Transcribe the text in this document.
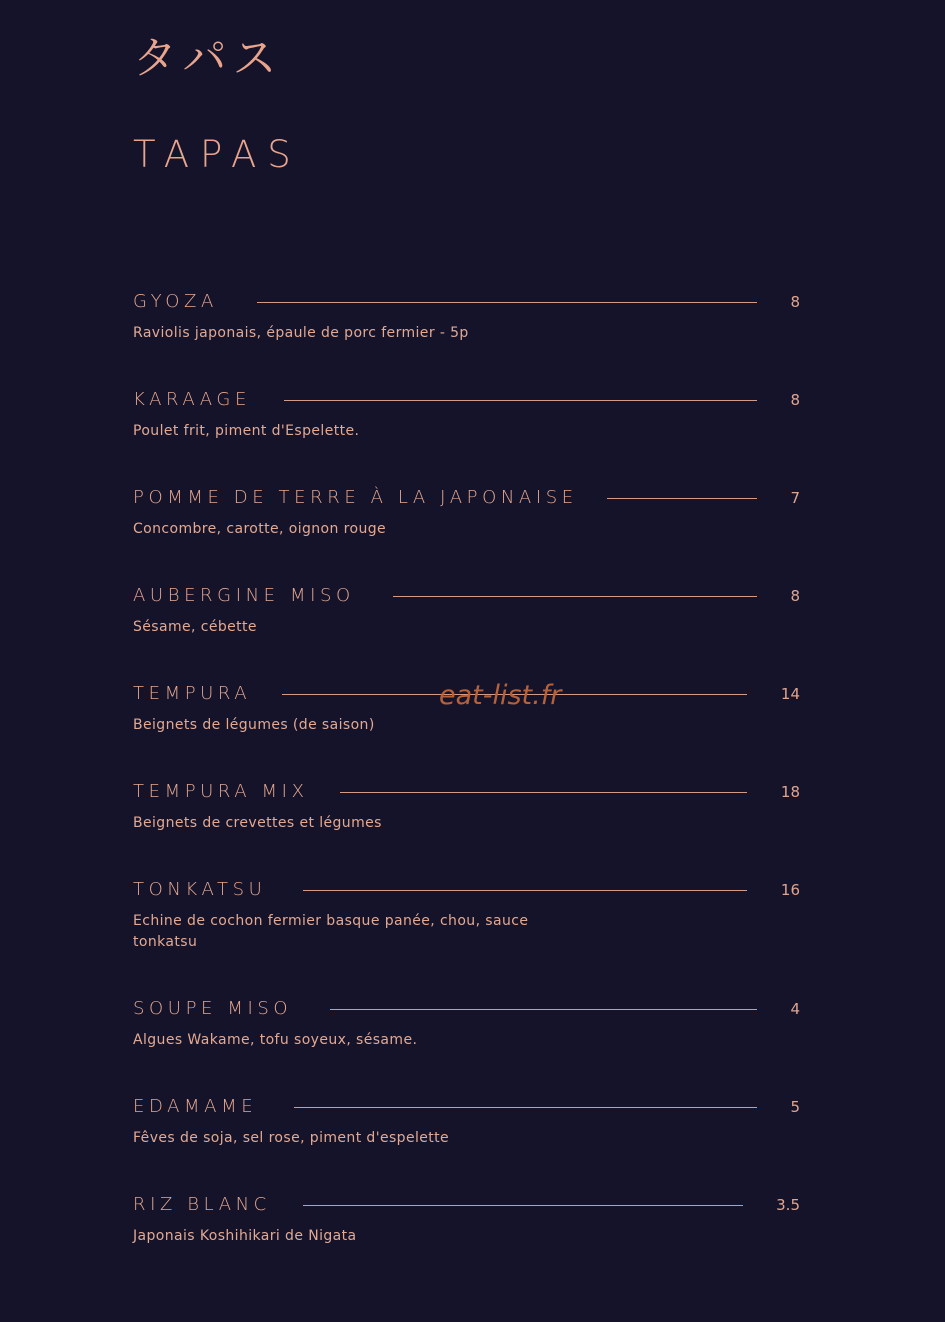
タパス
TAPAS
GYOZA	8
Raviolis japonais, épaule de porc fermier - 5p
KARAAGE	8
Poulet frit, piment d'Espelette.
POMME DE TERRE À LA JAPONAISE	7
Concombre, carotte, oignon rouge
AUBERGINE MISO	8
Sésame, cébette
TEMPURA	14
Beignets de légumes (de saison)
TEMPURA MIX	18
Beignets de crevettes et légumes
TONKATSU	16
Echine de cochon fermier basque panée, chou, sauce tonkatsu
SOUPE MISO	4
Algues Wakame, tofu soyeux, sésame.
EDAMAME	5
Fêves de soja, sel rose, piment d'espelette
RIZ BLANC	3.5
Japonais Koshihikari de Nigata
eat-list.fr
